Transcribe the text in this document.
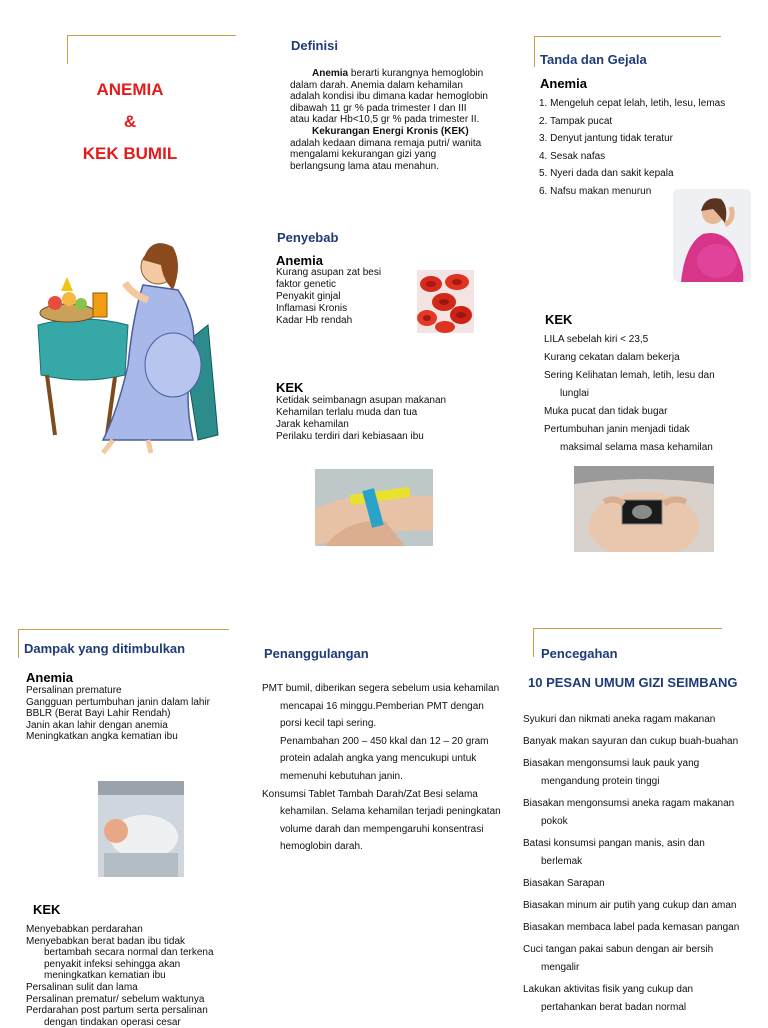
ANEMIA
&
KEK BUMIL
Definisi
Anemia berarti kurangnya hemoglobin dalam darah. Anemia dalam kehamilan adalah kondisi ibu dimana kadar hemoglobin dibawah 11 gr % pada trimester I dan III atau kadar Hb<10,5 gr % pada trimester II.
Kekurangan Energi Kronis (KEK)
adalah kedaan dimana remaja putri/ wanita mengalami kekurangan gizi yang berlangsung lama atau menahun.
Penyebab
Anemia
Kurang asupan zat besi
faktor genetic
Penyakit ginjal
Inflamasi Kronis
Kadar Hb rendah
KEK
Ketidak seimbanagn asupan makanan
Kehamilan terlalu muda dan tua
Jarak kehamilan
Perilaku terdiri dari kebiasaan ibu
Tanda dan Gejala
Anemia
1. Mengeluh cepat lelah, letih, lesu, lemas
2. Tampak pucat
3. Denyut jantung tidak teratur
4. Sesak nafas
5. Nyeri dada dan sakit kepala
6. Nafsu makan menurun
KEK
LILA sebelah kiri < 23,5
Kurang cekatan dalam bekerja
Sering Kelihatan lemah, letih, lesu dan lunglai
Muka pucat dan tidak bugar
Pertumbuhan janin menjadi tidak maksimal selama masa kehamilan
Dampak yang ditimbulkan
Anemia
Persalinan premature
Gangguan pertumbuhan janin dalam lahir
BBLR (Berat Bayi Lahir Rendah)
Janin akan lahir dengan anemia
Meningkatkan angka kematian ibu
KEK
Menyebabkan perdarahan
Menyebabkan berat badan ibu tidak bertambah secara normal dan terkena penyakit infeksi sehingga akan meningkatkan kematian ibu
Persalinan sulit dan lama
Persalinan prematur/ sebelum waktunya
Perdarahan post partum serta persalinan dengan tindakan operasi cesar
Penanggulangan
PMT bumil, diberikan segera sebelum usia kehamilan mencapai 16 minggu.Pemberian PMT dengan porsi kecil tapi sering.
Penambahan 200 – 450 kkal dan 12 – 20 gram protein adalah angka yang mencukupi untuk memenuhi kebutuhan janin.
Konsumsi Tablet Tambah Darah/Zat Besi selama kehamilan. Selama kehamilan terjadi peningkatan volume darah dan mempengaruhi konsentrasi hemoglobin darah.
Pencegahan
10 PESAN UMUM GIZI SEIMBANG
Syukuri dan nikmati aneka ragam makanan
Banyak makan sayuran dan cukup buah-buahan
Biasakan mengonsumsi lauk pauk yang mengandung protein tinggi
Biasakan mengonsumsi aneka ragam makanan pokok
Batasi konsumsi pangan manis, asin dan berlemak
Biasakan Sarapan
Biasakan minum air putih yang cukup dan aman
Biasakan membaca label pada kemasan pangan
Cuci tangan pakai sabun dengan air bersih mengalir
Lakukan aktivitas fisik yang cukup dan pertahankan berat badan normal
